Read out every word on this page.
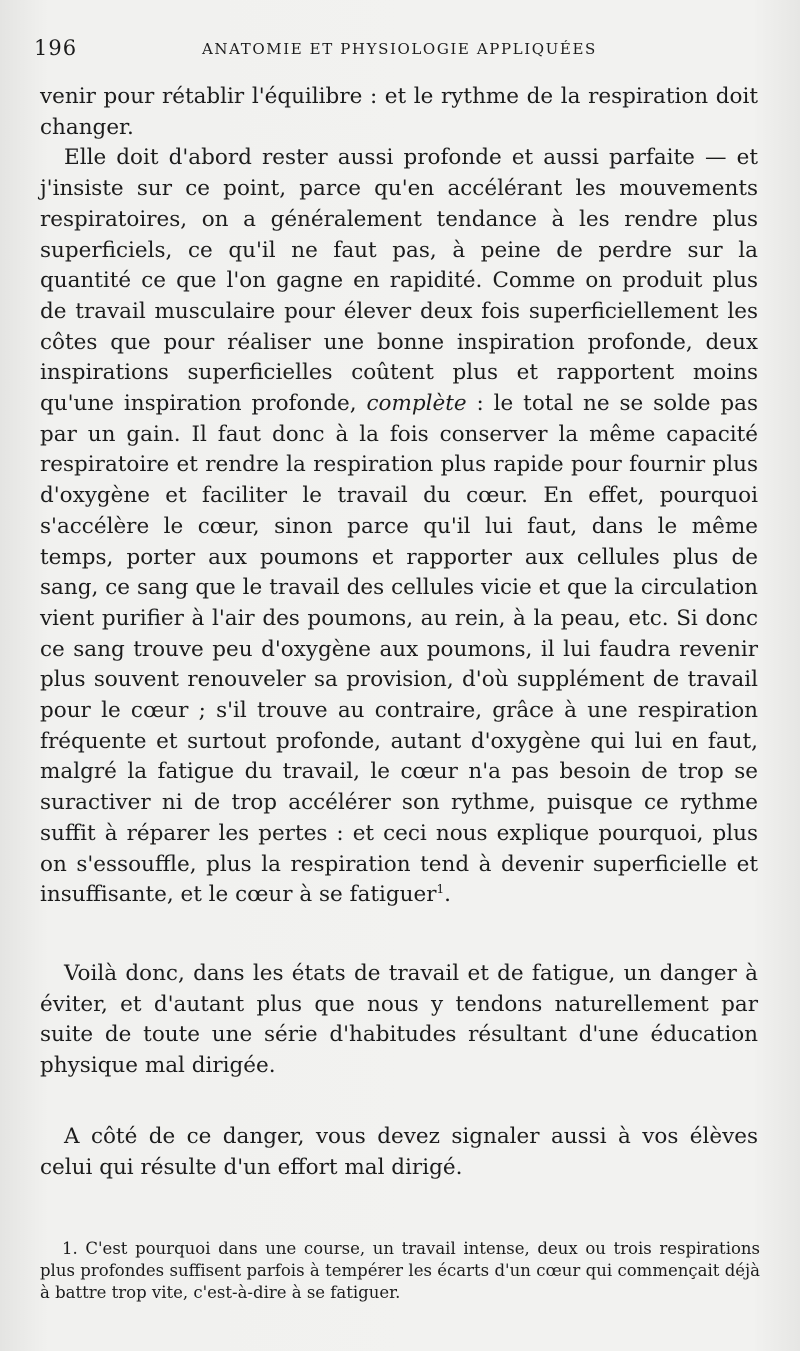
196	ANATOMIE ET PHYSIOLOGIE APPLIQUÉES

venir pour rétablir l'équilibre : et le rythme de la respiration doit changer.

Elle doit d'abord rester aussi profonde et aussi parfaite — et j'insiste sur ce point, parce qu'en accélérant les mouvements respiratoires, on a généralement tendance à les rendre plus superficiels, ce qu'il ne faut pas, à peine de perdre sur la quantité ce que l'on gagne en rapidité. Comme on produit plus de travail musculaire pour élever deux fois superficiellement les côtes que pour réaliser une bonne inspiration profonde, deux inspirations superficielles coûtent plus et rapportent moins qu'une inspiration profonde, complète : le total ne se solde pas par un gain. Il faut donc à la fois conserver la même capacité respiratoire et rendre la respiration plus rapide pour fournir plus d'oxygène et faciliter le travail du cœur. En effet, pourquoi s'accélère le cœur, sinon parce qu'il lui faut, dans le même temps, porter aux poumons et rapporter aux cellules plus de sang, ce sang que le travail des cellules vicie et que la circulation vient purifier à l'air des poumons, au rein, à la peau, etc. Si donc ce sang trouve peu d'oxygène aux poumons, il lui faudra revenir plus souvent renouveler sa provision, d'où supplément de travail pour le cœur ; s'il trouve au contraire, grâce à une respiration fréquente et surtout profonde, autant d'oxygène qui lui en faut, malgré la fatigue du travail, le cœur n'a pas besoin de trop se suractiver ni de trop accélérer son rythme, puisque ce rythme suffit à réparer les pertes : et ceci nous explique pourquoi, plus on s'essouffle, plus la respiration tend à devenir superficielle et insuffisante, et le cœur à se fatiguer$^1$.

Voilà donc, dans les états de travail et de fatigue, un danger à éviter, et d'autant plus que nous y tendons naturellement par suite de toute une série d'habitudes résultant d'une éducation physique mal dirigée.

A côté de ce danger, vous devez signaler aussi à vos élèves celui qui résulte d'un effort mal dirigé.

1. C'est pourquoi dans une course, un travail intense, deux ou trois respirations plus profondes suffisent parfois à tempérer les écarts d'un cœur qui commençait déjà à battre trop vite, c'est-à-dire à se fatiguer.
